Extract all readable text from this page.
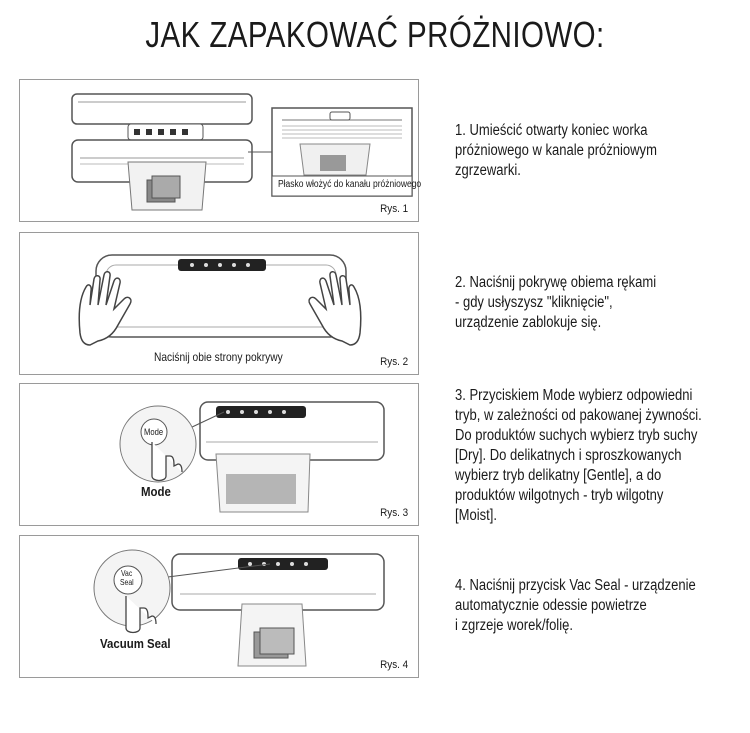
JAK ZAPAKOWAĆ PRÓŻNIOWO:
Płasko włożyć do kanału próżniowego
Rys. 1
Naciśnij obie strony pokrywy	Rys. 2
Mode
Mode
Rys. 3
Vac
Seal
Vacuum Seal
Rys. 4
1. Umieścić otwarty koniec worka
próżniowego w kanale próżniowym
zgrzewarki.
2. Naciśnij pokrywę obiema rękami
- gdy usłyszysz "kliknięcie",
urządzenie zablokuje się.
3. Przyciskiem Mode wybierz odpowiedni
tryb, w zależności od pakowanej żywności.
Do produktów suchych wybierz tryb suchy
[Dry]. Do delikatnych i sproszkowanych
wybierz tryb delikatny [Gentle], a do
produktów wilgotnych - tryb wilgotny
[Moist].
4. Naciśnij przycisk Vac Seal - urządzenie
automatycznie odessie powietrze
i zgrzeje worek/folię.
